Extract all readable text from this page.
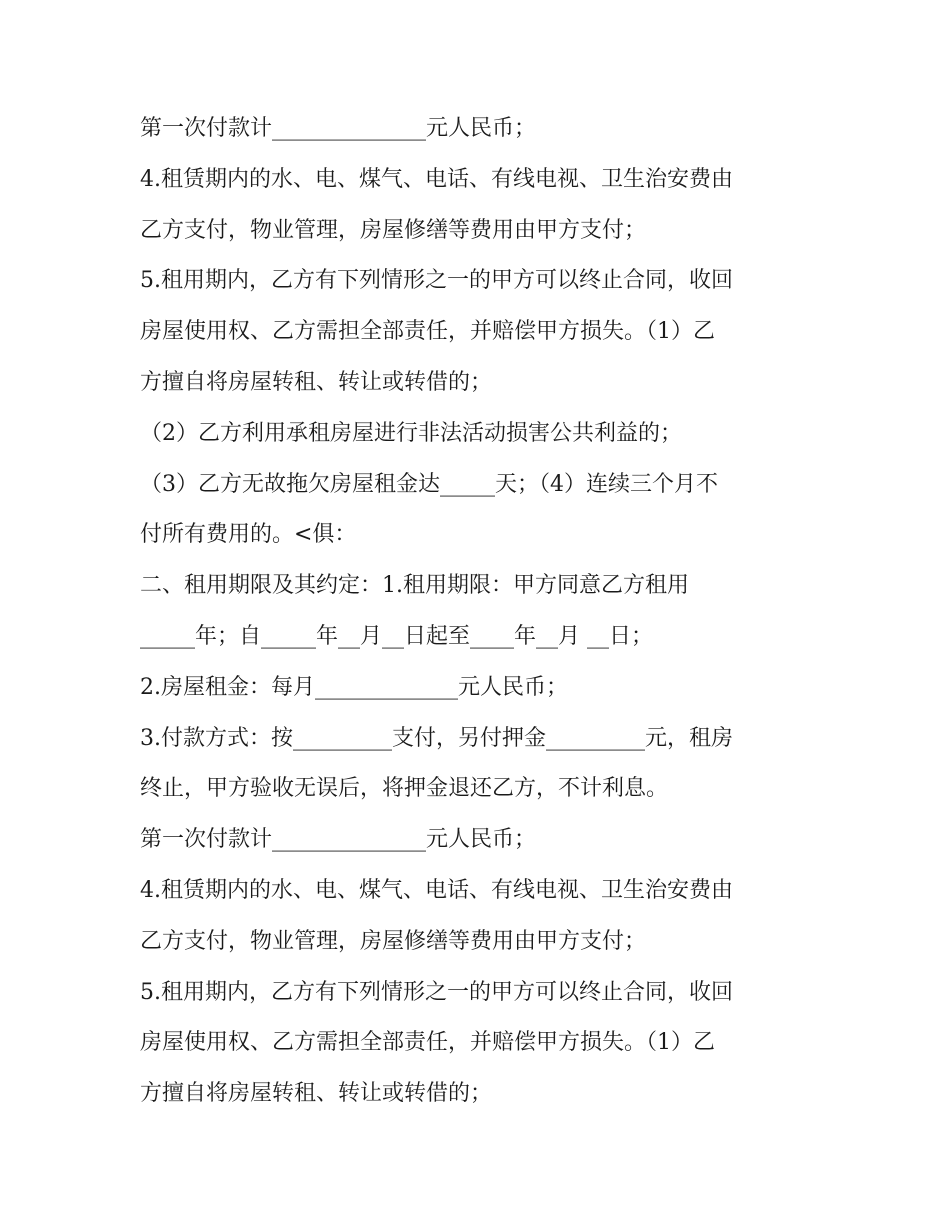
第一次付款计______________元人民币；
4.租赁期内的水、电、煤气、电话、有线电视、卫生治安费由
乙方支付，物业管理，房屋修缮等费用由甲方支付；
5.租用期内，乙方有下列情形之一的甲方可以终止合同，收回
房屋使用权、乙方需担全部责任，并赔偿甲方损失。（1）乙
方擅自将房屋转租、转让或转借的；
（2）乙方利用承租房屋进行非法活动损害公共利益的；
（3）乙方无故拖欠房屋租金达_____天；（4）连续三个月不
付所有费用的。<俱：
二、租用期限及其约定：1.租用期限：甲方同意乙方租用
_____年；自_____年__月__日起至____年__月 __日；
2.房屋租金：每月_____________元人民币；
3.付款方式：按_________支付，另付押金_________元，租房
终止，甲方验收无误后，将押金退还乙方，不计利息。
第一次付款计______________元人民币；
4.租赁期内的水、电、煤气、电话、有线电视、卫生治安费由
乙方支付，物业管理，房屋修缮等费用由甲方支付；
5.租用期内，乙方有下列情形之一的甲方可以终止合同，收回
房屋使用权、乙方需担全部责任，并赔偿甲方损失。（1）乙
方擅自将房屋转租、转让或转借的；
